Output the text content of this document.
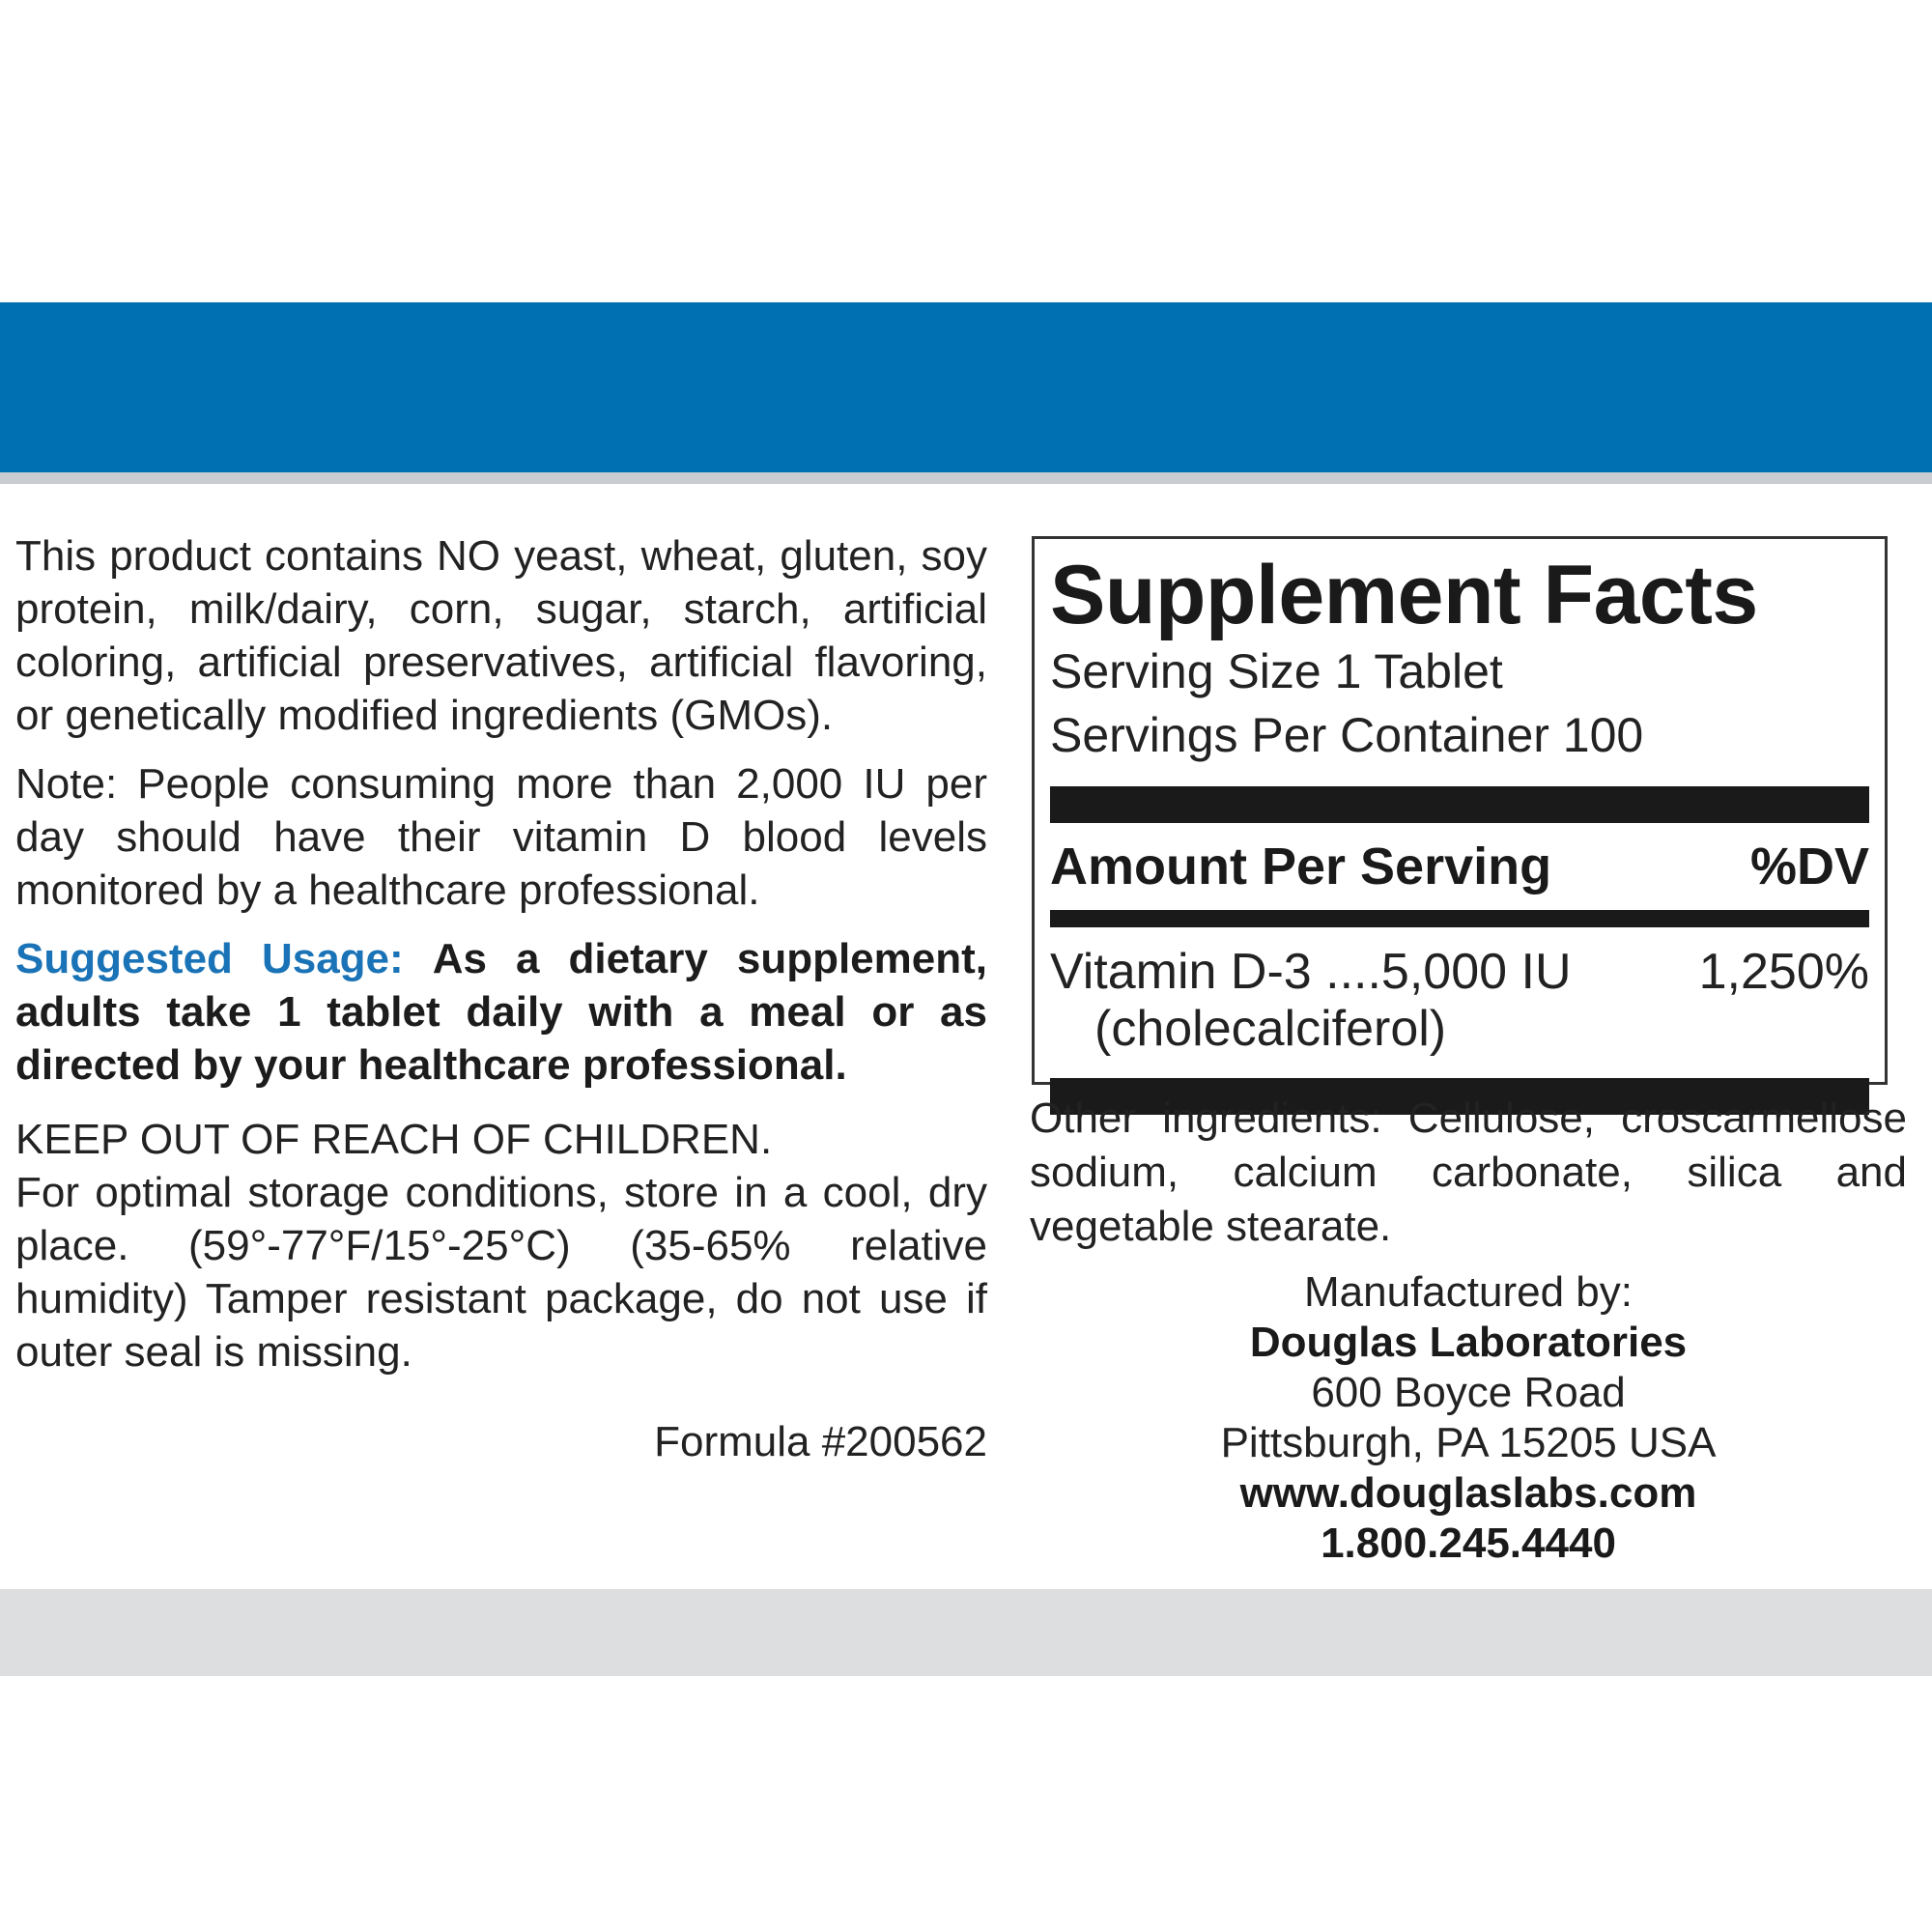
This product contains NO yeast, wheat, gluten, soy protein, milk/dairy, corn, sugar, starch, artificial coloring, artificial preservatives, artificial flavoring, or genetically modified ingredients (GMOs).

Note: People consuming more than 2,000 IU per day should have their vitamin D blood levels monitored by a healthcare professional.

Suggested Usage: As a dietary supplement, adults take 1 tablet daily with a meal or as directed by your healthcare professional.

KEEP OUT OF REACH OF CHILDREN.
For optimal storage conditions, store in a cool, dry place. (59°-77°F/15°-25°C) (35-65% relative humidity) Tamper resistant package, do not use if outer seal is missing.

Formula #200562

Supplement Facts
Serving Size 1 Tablet
Servings Per Container 100
Amount Per Serving	%DV
Vitamin D-3 ....5,000 IU	1,250%
(cholecalciferol)
Other ingredients: Cellulose, croscarmellose sodium, calcium carbonate, silica and vegetable stearate.
Manufactured by:
Douglas Laboratories
600 Boyce Road
Pittsburgh, PA 15205 USA
www.douglaslabs.com
1.800.245.4440
